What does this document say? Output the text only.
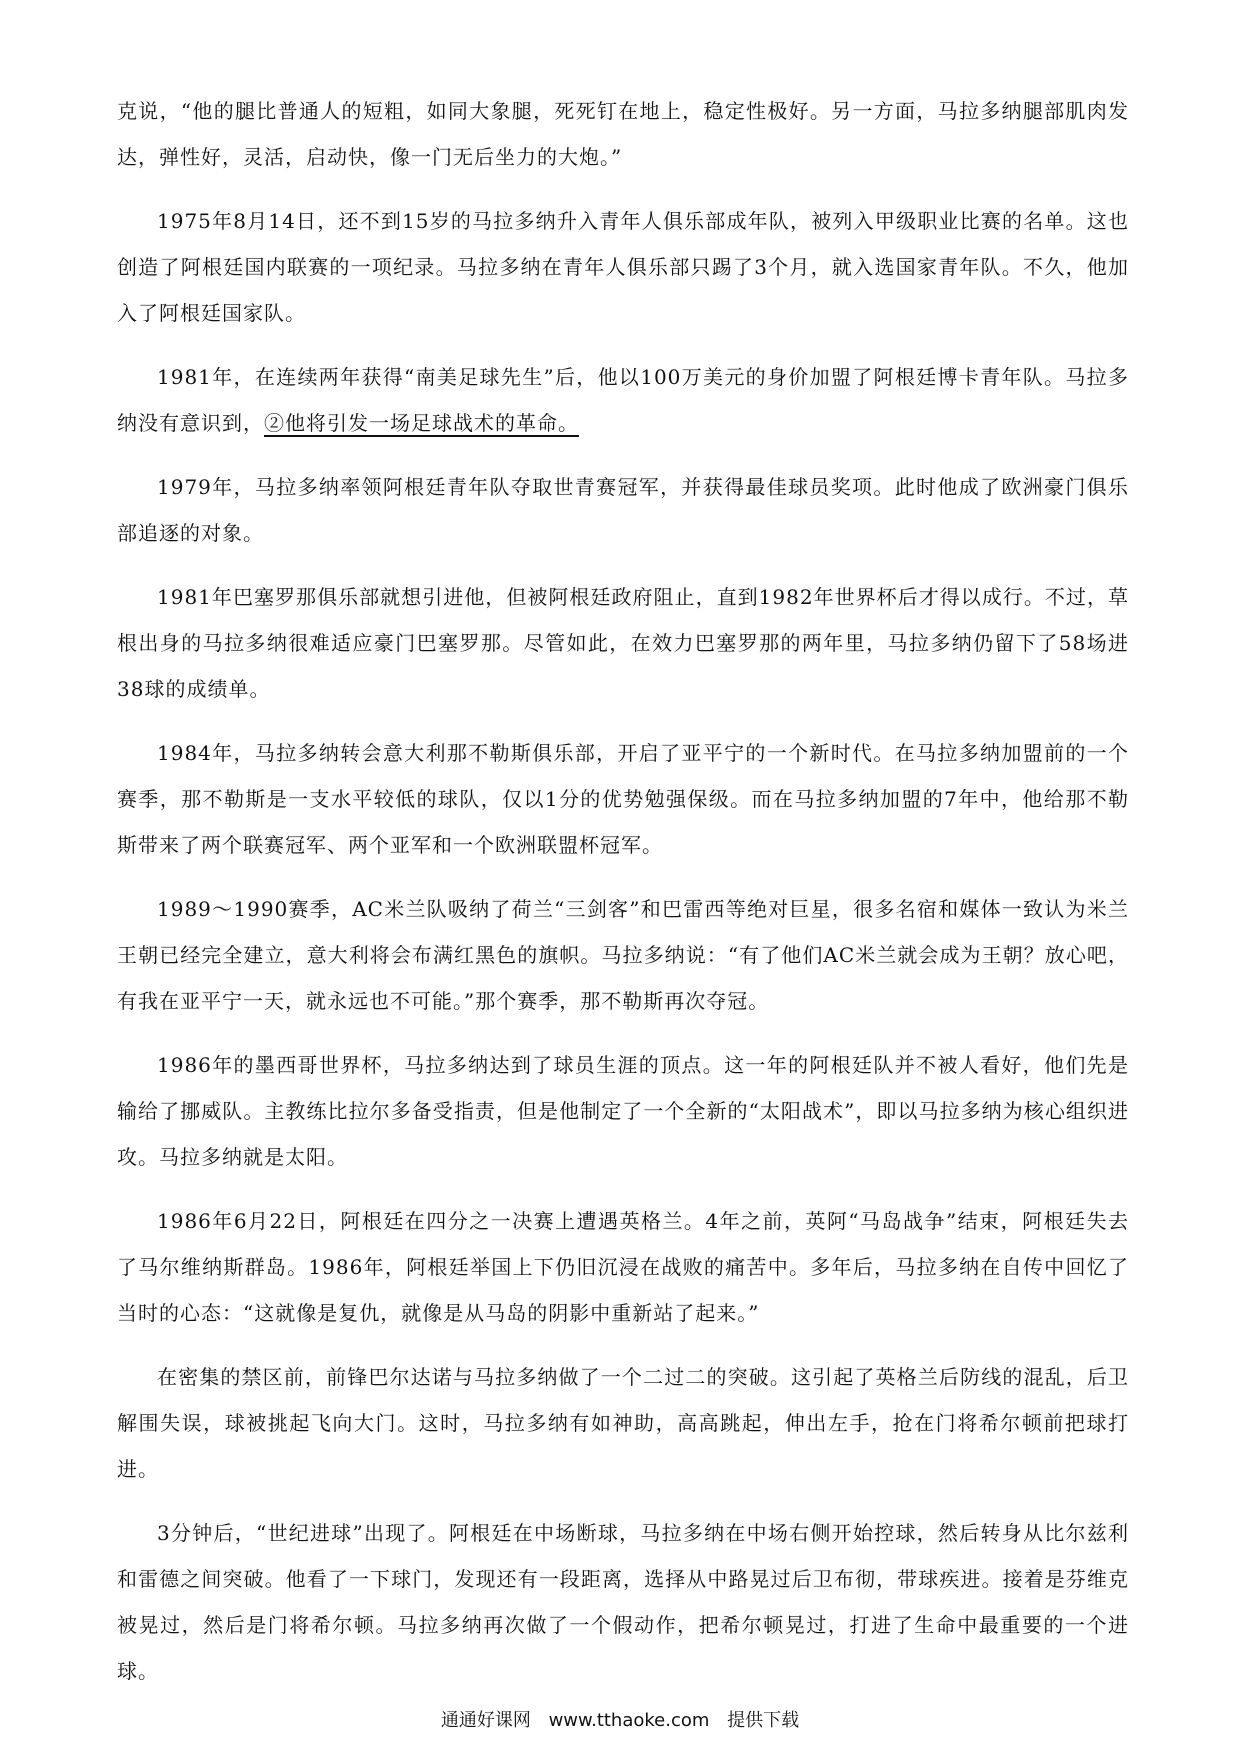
克说，“他的腿比普通人的短粗，如同大象腿，死死钉在地上，稳定性极好。另一方面，马拉多纳腿部肌肉发达，弹性好，灵活，启动快，像一门无后坐力的大炮。”

1975年8月14日，还不到15岁的马拉多纳升入青年人俱乐部成年队，被列入甲级职业比赛的名单。这也创造了阿根廷国内联赛的一项纪录。马拉多纳在青年人俱乐部只踢了3个月，就入选国家青年队。不久，他加入了阿根廷国家队。

1981年，在连续两年获得“南美足球先生”后，他以100万美元的身价加盟了阿根廷博卡青年队。马拉多纳没有意识到，②他将引发一场足球战术的革命。

1979年，马拉多纳率领阿根廷青年队夺取世青赛冠军，并获得最佳球员奖项。此时他成了欧洲豪门俱乐部追逐的对象。

1981年巴塞罗那俱乐部就想引进他，但被阿根廷政府阻止，直到1982年世界杯后才得以成行。不过，草根出身的马拉多纳很难适应豪门巴塞罗那。尽管如此，在效力巴塞罗那的两年里，马拉多纳仍留下了58场进38球的成绩单。

1984年，马拉多纳转会意大利那不勒斯俱乐部，开启了亚平宁的一个新时代。在马拉多纳加盟前的一个赛季，那不勒斯是一支水平较低的球队，仅以1分的优势勉强保级。而在马拉多纳加盟的7年中，他给那不勒斯带来了两个联赛冠军、两个亚军和一个欧洲联盟杯冠军。

1989～1990赛季，AC米兰队吸纳了荷兰“三剑客”和巴雷西等绝对巨星，很多名宿和媒体一致认为米兰王朝已经完全建立，意大利将会布满红黑色的旗帜。马拉多纳说：“有了他们AC米兰就会成为王朝？放心吧，有我在亚平宁一天，就永远也不可能。”那个赛季，那不勒斯再次夺冠。

1986年的墨西哥世界杯，马拉多纳达到了球员生涯的顶点。这一年的阿根廷队并不被人看好，他们先是输给了挪威队。主教练比拉尔多备受指责，但是他制定了一个全新的“太阳战术”，即以马拉多纳为核心组织进攻。马拉多纳就是太阳。

1986年6月22日，阿根廷在四分之一决赛上遭遇英格兰。4年之前，英阿“马岛战争”结束，阿根廷失去了马尔维纳斯群岛。1986年，阿根廷举国上下仍旧沉浸在战败的痛苦中。多年后，马拉多纳在自传中回忆了当时的心态：“这就像是复仇，就像是从马岛的阴影中重新站了起来。”

在密集的禁区前，前锋巴尔达诺与马拉多纳做了一个二过二的突破。这引起了英格兰后防线的混乱，后卫解围失误，球被挑起飞向大门。这时，马拉多纳有如神助，高高跳起，伸出左手，抢在门将希尔顿前把球打进。

3分钟后，“世纪进球”出现了。阿根廷在中场断球，马拉多纳在中场右侧开始控球，然后转身从比尔兹利和雷德之间突破。他看了一下球门，发现还有一段距离，选择从中路晃过后卫布彻，带球疾进。接着是芬维克被晃过，然后是门将希尔顿。马拉多纳再次做了一个假动作，把希尔顿晃过，打进了生命中最重要的一个进球。

通通好课网 www.tthaoke.com 提供下载
